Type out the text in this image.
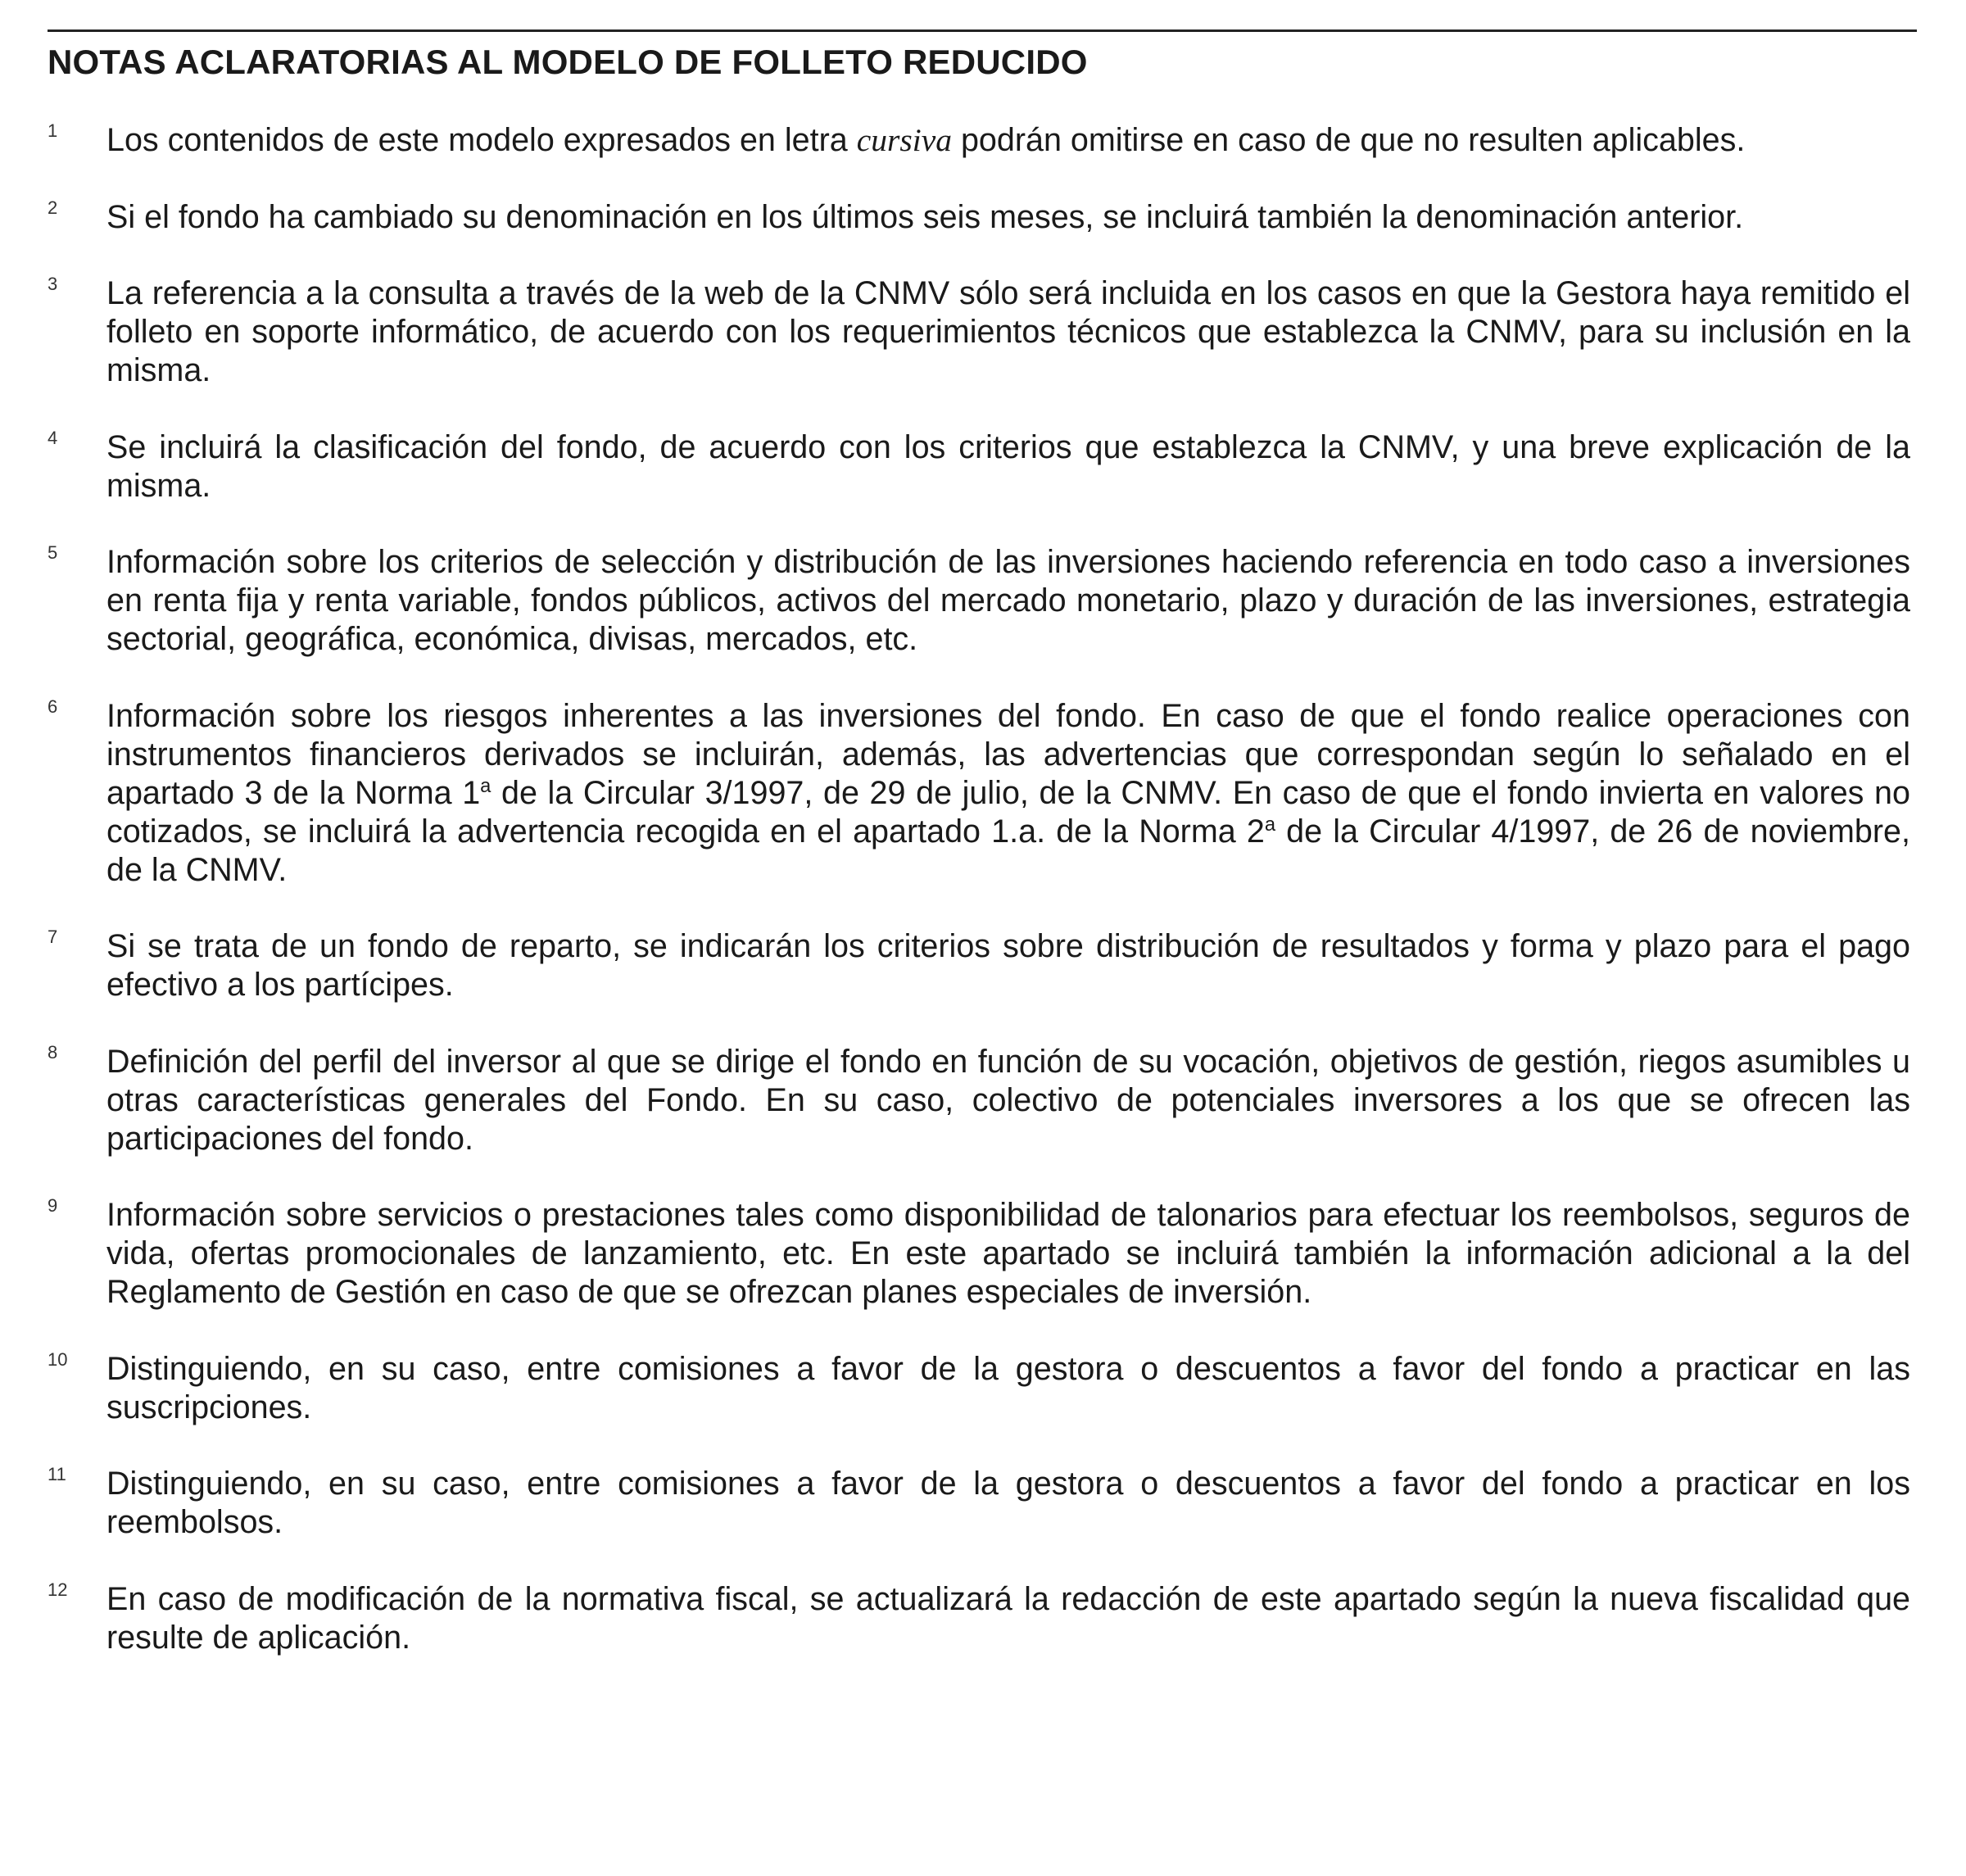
NOTAS ACLARATORIAS AL MODELO DE FOLLETO REDUCIDO
1 Los contenidos de este modelo expresados en letra cursiva podrán omitirse en caso de que no resulten aplicables.

2 Si el fondo ha cambiado su denominación en los últimos seis meses, se incluirá también la denominación anterior.

3 La referencia a la consulta a través de la web de la CNMV sólo será incluida en los casos en que la Gestora haya remitido el folleto en soporte informático, de acuerdo con los requerimientos técnicos que establezca la CNMV, para su inclusión en la misma.

4 Se incluirá la clasificación del fondo, de acuerdo con los criterios que establezca la CNMV, y una breve explicación de la misma.

5 Información sobre los criterios de selección y distribución de las inversiones haciendo referencia en todo caso a inversiones en renta fija y renta variable, fondos públicos, activos del mercado monetario, plazo y duración de las inversiones, estrategia sectorial, geográfica, económica, divisas, mercados, etc.

6 Información sobre los riesgos inherentes a las inversiones del fondo. En caso de que el fondo realice operaciones con instrumentos financieros derivados se incluirán, además, las advertencias que correspondan según lo señalado en el apartado 3 de la Norma 1$^a$ de la Circular 3/1997, de 29 de julio, de la CNMV. En caso de que el fondo invierta en valores no cotizados, se incluirá la advertencia recogida en el apartado 1.a. de la Norma 2$^a$ de la Circular 4/1997, de 26 de noviembre, de la CNMV.

7 Si se trata de un fondo de reparto, se indicarán los criterios sobre distribución de resultados y forma y plazo para el pago efectivo a los partícipes.

8 Definición del perfil del inversor al que se dirige el fondo en función de su vocación, objetivos de gestión, riegos asumibles u otras características generales del Fondo. En su caso, colectivo de potenciales inversores a los que se ofrecen las participaciones del fondo.

9 Información sobre servicios o prestaciones tales como disponibilidad de talonarios para efectuar los reembolsos, seguros de vida, ofertas promocionales de lanzamiento, etc. En este apartado se incluirá también la información adicional a la del Reglamento de Gestión en caso de que se ofrezcan planes especiales de inversión.

10 Distinguiendo, en su caso, entre comisiones a favor de la gestora o descuentos a favor del fondo a practicar en las suscripciones.

11 Distinguiendo, en su caso, entre comisiones a favor de la gestora o descuentos a favor del fondo a practicar en los reembolsos.

12 En caso de modificación de la normativa fiscal, se actualizará la redacción de este apartado según la nueva fiscalidad que resulte de aplicación.
